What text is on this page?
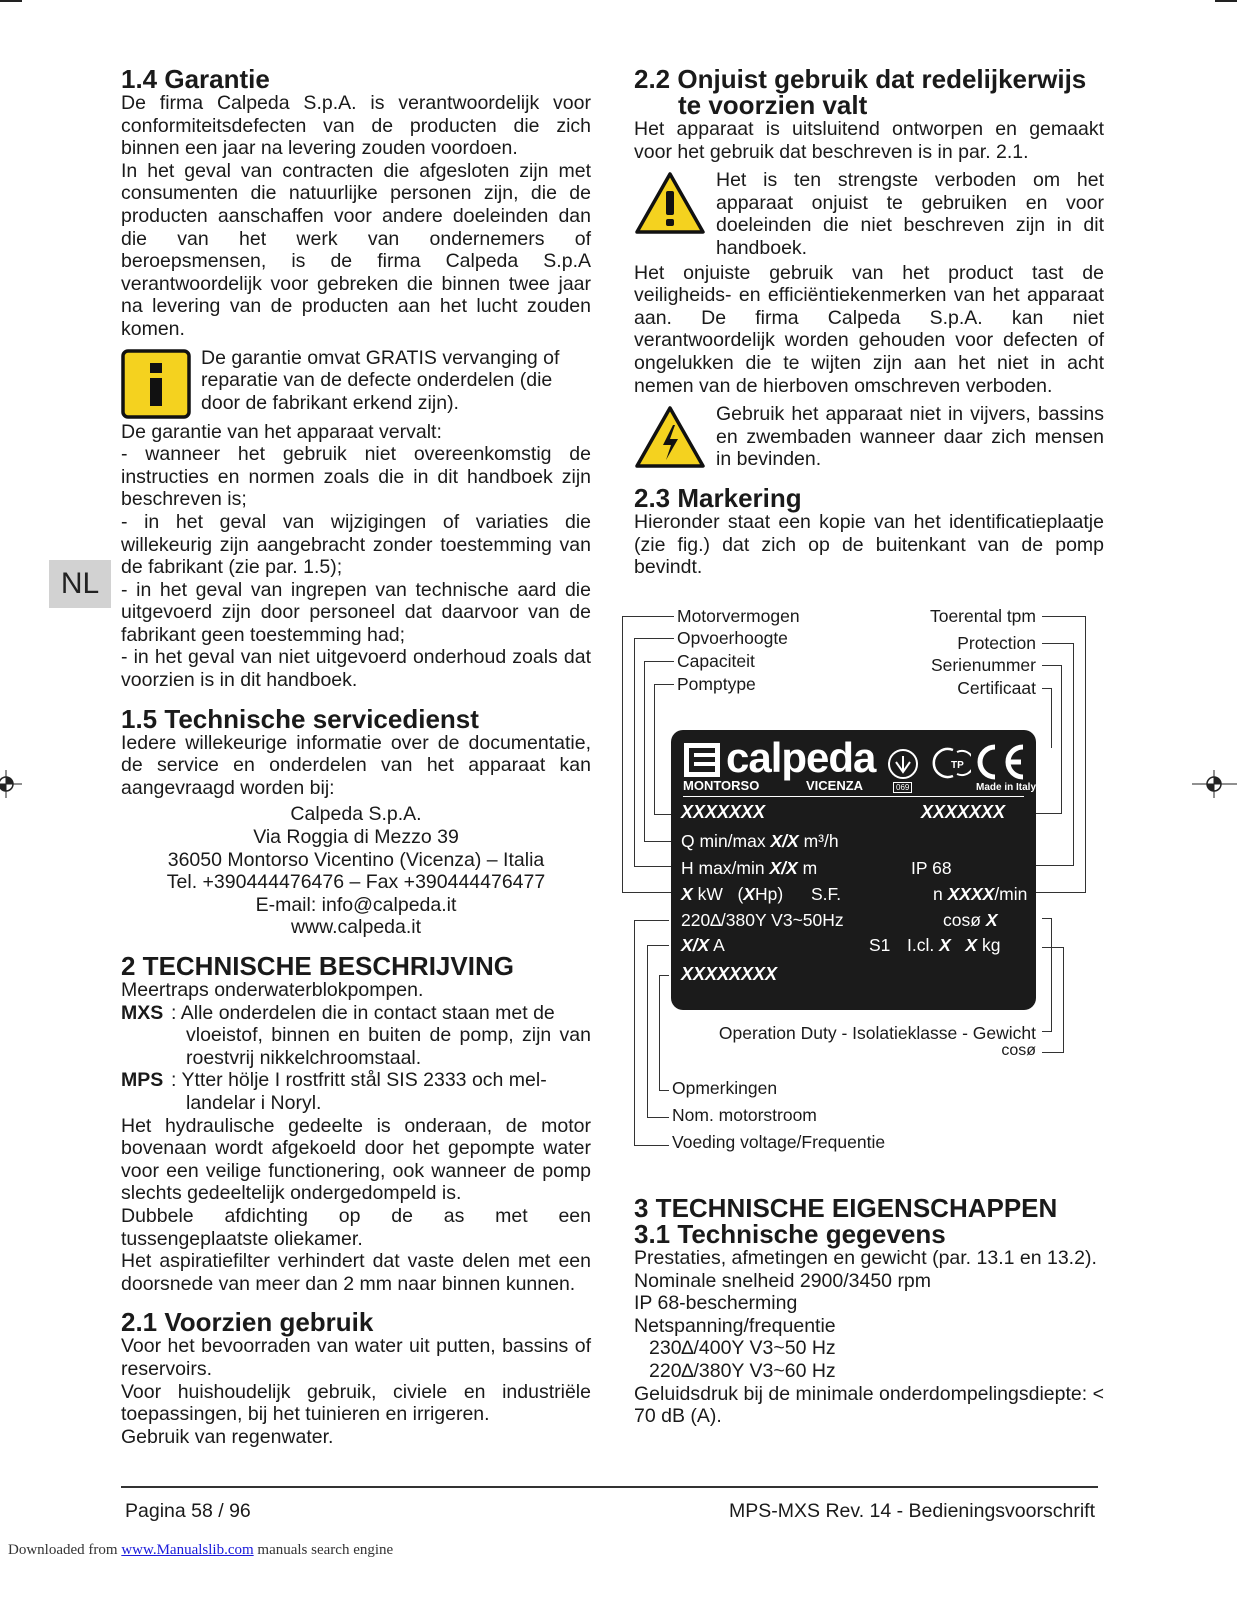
NL
1.4 Garantie

De firma Calpeda S.p.A. is verantwoordelijk voor conformiteitsdefecten van de producten die zich binnen een jaar na levering zouden voordoen.

In het geval van contracten die afgesloten zijn met consumenten die natuurlijke personen zijn, die de producten aanschaffen voor andere doeleinden dan die van het werk van ondernemers of beroepsmensen, is de firma Calpeda S.p.A verantwoordelijk voor gebreken die binnen twee jaar na levering van de producten aan het lucht zouden komen.

De garantie omvat GRATIS vervanging of reparatie van de defecte onderdelen (die door de fabrikant erkend zijn).

De garantie van het apparaat vervalt:

- wanneer het gebruik niet overeenkomstig de instructies en normen zoals die in dit handboek zijn beschreven is;

- in het geval van wijzigingen of variaties die willekeurig zijn aangebracht zonder toestemming van de fabrikant (zie par. 1.5);

- in het geval van ingrepen van technische aard die uitgevoerd zijn door personeel dat daarvoor van de fabrikant geen toestemming had;

- in het geval van niet uitgevoerd onderhoud zoals dat voorzien is in dit handboek.

1.5 Technische servicedienst

Iedere willekeurige informatie over de documentatie, de service en onderdelen van het apparaat kan aangevraagd worden bij:

Calpeda S.p.A.

Via Roggia di Mezzo 39

36050 Montorso Vicentino (Vicenza) – Italia

Tel. +390444476476 – Fax +390444476477

E-mail: info@calpeda.it

www.calpeda.it

2 TECHNISCHE BESCHRIJVING

Meertraps onderwaterblokpompen.

MXS : Alle onderdelen die in contact staan met de

vloeistof, binnen en buiten de pomp, zijn van roestvrij nikkelchroomstaal.
MPS : Ytter hölje I rostfritt stål SIS 2333 och mel-

landelar i Noryl.

Het hydraulische gedeelte is onderaan, de motor bovenaan wordt afgekoeld door het gepompte water voor een veilige functionering, ook wanneer de pomp slechts gedeeltelijk ondergedompeld is.

Dubbele afdichting op de as met een tussengeplaatste oliekamer.

Het aspiratiefilter verhindert dat vaste delen met een doorsnede van meer dan 2 mm naar binnen kunnen.

2.1 Voorzien gebruik

Voor het bevoorraden van water uit putten, bassins of reservoirs.

Voor huishoudelijk gebruik, civiele en industriële toepassingen, bij het tuinieren en irrigeren.

Gebruik van regenwater.

2.2 Onjuist gebruik dat redelijkerwijs te voorzien valt

Het apparaat is uitsluitend ontworpen en gemaakt voor het gebruik dat beschreven is in par. 2.1.

Het is ten strengste verboden om het apparaat onjuist te gebruiken en voor doeleinden die niet beschreven zijn in dit handboek.

Het onjuiste gebruik van het product tast de veiligheids- en efficiëntiekenmerken van het apparaat aan. De firma Calpeda S.p.A. kan niet verantwoordelijk worden gehouden voor defecten of ongelukken die te wijten zijn aan het niet in acht nemen van de hierboven omschreven verboden.

Gebruik het apparaat niet in vijvers, bassins en zwembaden wanneer daar zich mensen in bevinden.

2.3 Markering

Hieronder staat een kopie van het identificatieplaatje (zie fig.) dat zich op de buitenkant van de pomp bevindt.

Motorvermogen
Opvoerhoogte
Capaciteit
Pomptype
Toerental tpm
Protection
Serienummer
Certificaat
Operation Duty - Isolatieklasse - Gewicht
cosø
Opmerkingen
Nom. motorstroom
Voeding voltage/Frequentie
calpeda
MONTORSO	VICENZA	Made in Italy
069
TP
XXXXXXX	XXXXXXX
Q min/max X/X m³/h
H max/min X/X m	IP 68
X kW (XHp) S.F.	n XXXX/min
220∆/380Y V3~50Hz	cosø X
X/X A	S1 I.cl. X X kg
XXXXXXXX
3 TECHNISCHE EIGENSCHAPPEN
3.1 Technische gegevens

Prestaties, afmetingen en gewicht (par. 13.1 en 13.2).

Nominale snelheid 2900/3450 rpm

IP 68-bescherming

Netspanning/frequentie

230∆/400Y V3~50 Hz

220∆/380Y V3~60 Hz

Geluidsdruk bij de minimale onderdompelingsdiepte: < 70 dB (A).

Pagina 58 / 96	MPS-MXS Rev. 14 - Bedieningsvoorschrift
Downloaded from www.Manualslib.com manuals search engine
